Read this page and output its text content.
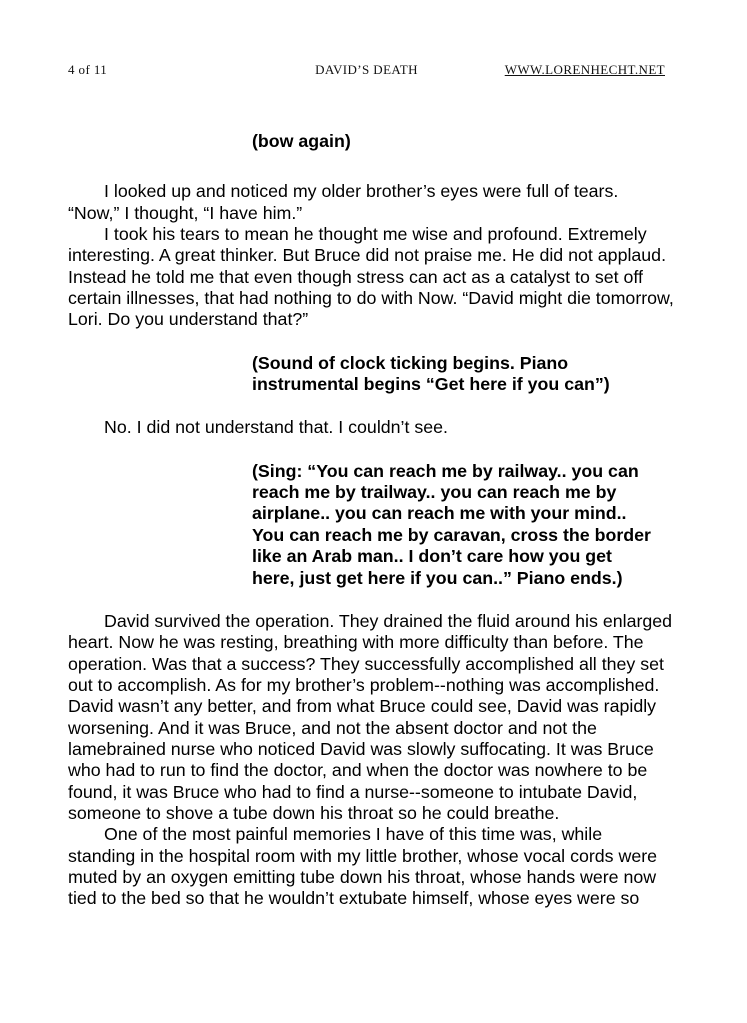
4 of 11	DAVID’S DEATH	WWW.LORENHECHT.NET
(bow again)

I looked up and noticed my older brother’s eyes were full of tears. “Now,” I thought, “I have him.”

I took his tears to mean he thought me wise and profound. Extremely interesting. A great thinker. But Bruce did not praise me. He did not applaud. Instead he told me that even though stress can act as a catalyst to set off certain illnesses, that had nothing to do with Now. “David might die tomorrow, Lori. Do you understand that?”

(Sound of clock ticking begins. Piano instrumental begins “Get here if you can”)

No. I did not understand that. I couldn’t see.

(Sing: “You can reach me by railway.. you can reach me by trailway.. you can reach me by airplane.. you can reach me with your mind.. You can reach me by caravan, cross the border like an Arab man.. I don’t care how you get here, just get here if you can..” Piano ends.)

David survived the operation. They drained the fluid around his enlarged heart. Now he was resting, breathing with more difficulty than before. The operation. Was that a success? They successfully accomplished all they set out to accomplish. As for my brother’s problem--nothing was accomplished. David wasn’t any better, and from what Bruce could see, David was rapidly worsening. And it was Bruce, and not the absent doctor and not the lamebrained nurse who noticed David was slowly suffocating. It was Bruce who had to run to find the doctor, and when the doctor was nowhere to be found, it was Bruce who had to find a nurse--someone to intubate David, someone to shove a tube down his throat so he could breathe.

One of the most painful memories I have of this time was, while standing in the hospital room with my little brother, whose vocal cords were muted by an oxygen emitting tube down his throat, whose hands were now tied to the bed so that he wouldn’t extubate himself, whose eyes were so
